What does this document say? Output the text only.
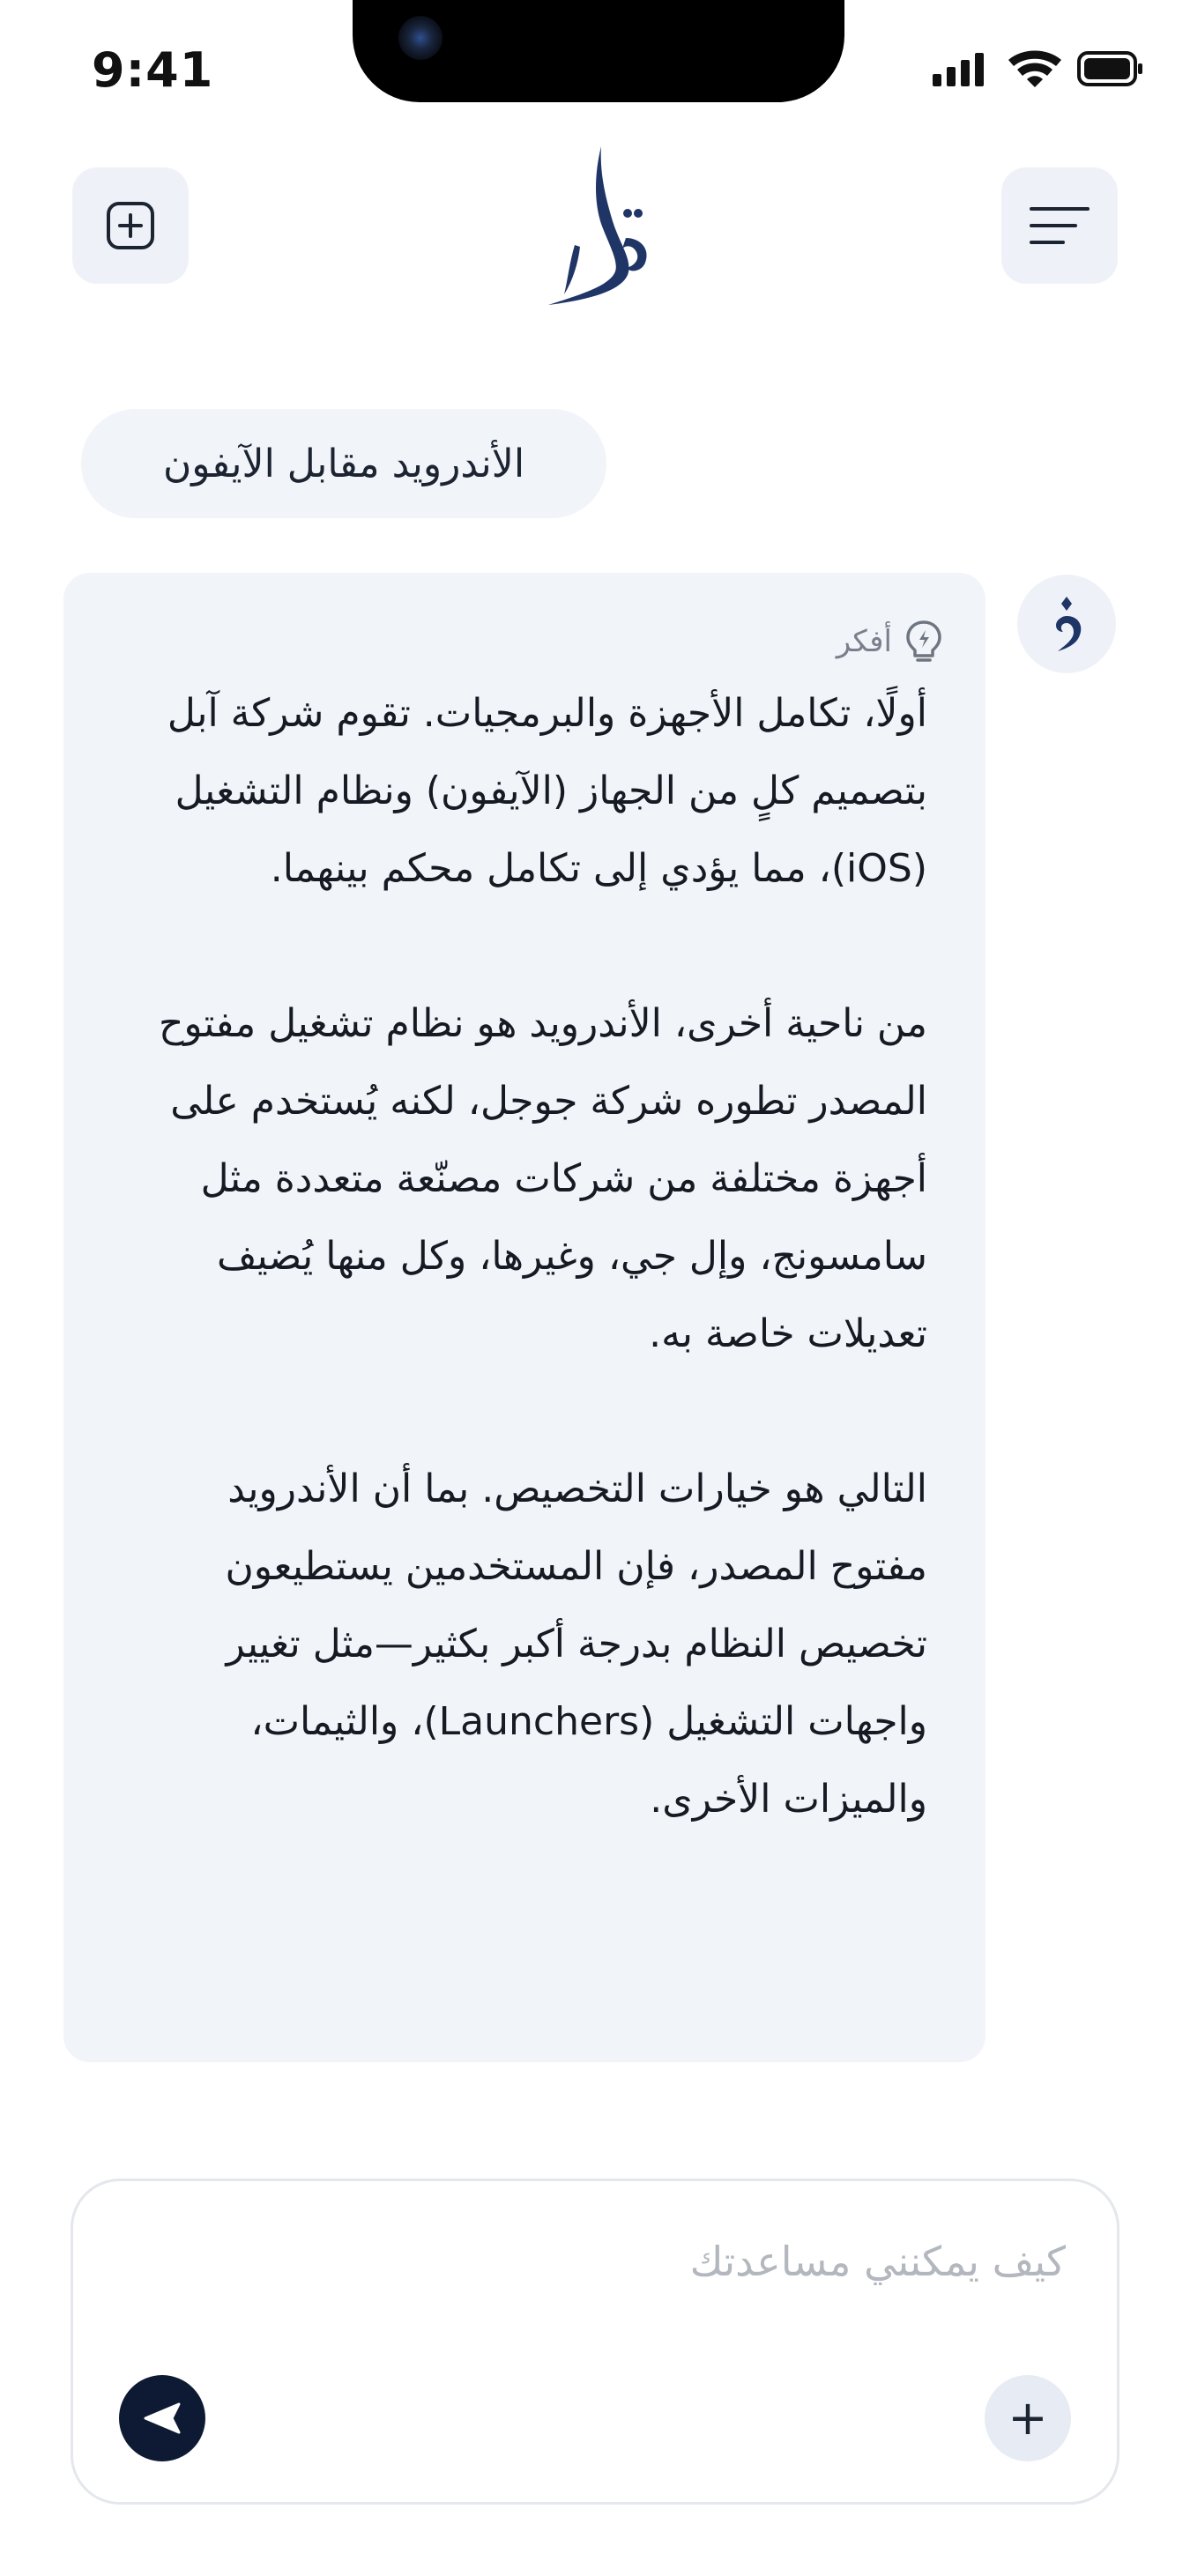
9:41
الأندرويد مقابل الآيفون
أفكر

أولًا، تكامل الأجهزة والبرمجيات. تقوم شركة آبل بتصميم كلٍ من الجهاز (الآيفون) ونظام التشغيل (iOS)، مما يؤدي إلى تكامل محكم بينهما.

من ناحية أخرى، الأندرويد هو نظام تشغيل مفتوح المصدر تطوره شركة جوجل، لكنه يُستخدم على أجهزة مختلفة من شركات مصنّعة متعددة مثل سامسونج، وإل جي، وغيرها، وكل منها يُضيف تعديلات خاصة به.

التالي هو خيارات التخصيص. بما أن الأندرويد مفتوح المصدر، فإن المستخدمين يستطيعون تخصيص النظام بدرجة أكبر بكثير—مثل تغيير واجهات التشغيل (Launchers)، والثيمات، والميزات الأخرى.

كيف يمكنني مساعدتك
+
